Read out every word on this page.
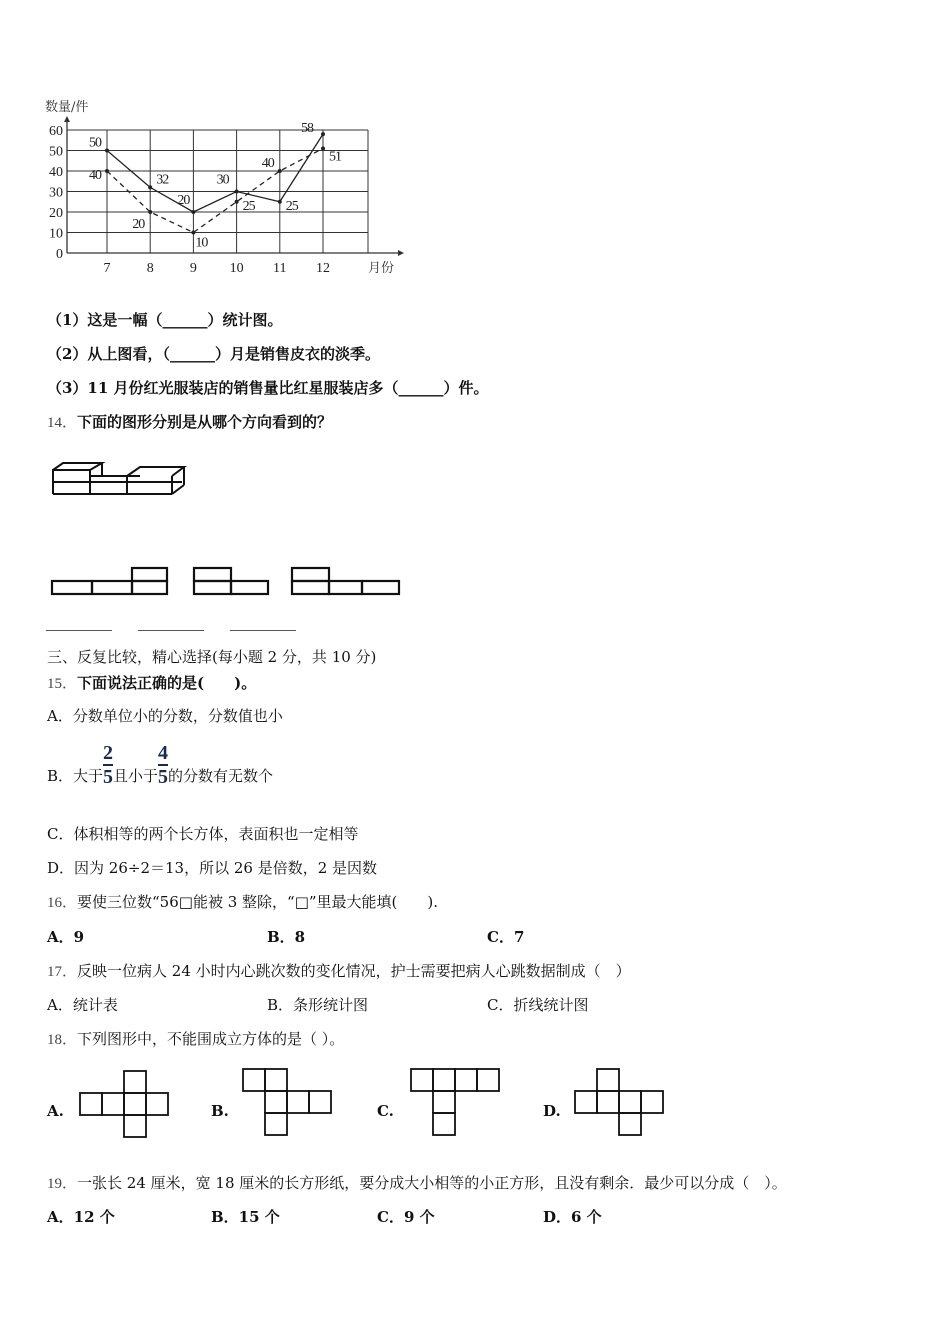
0
10
20
30
40
50
60
7	8	9 10 11 12
数量/件
月份
50
32
20
30
25
58
40
20
10
25
40	51
（1）这是一幅（______）统计图。
（2）从上图看，（______）月是销售皮衣的淡季。
（3）11 月份红光服装店的销售量比红星服装店多（______）件。
14．下面的图形分别是从哪个方向看到的？
三、反复比较，精心选择(每小题 2 分，共 10 分)
15．下面说法正确的是(　　)。
A．分数单位小的分数，分数值也小
B．大于 $\frac{2}{5}$ 且小于 $\frac{4}{5}$ 的分数有无数个
C．体积相等的两个长方体，表面积也一定相等
D．因为 26÷2＝13，所以 26 是倍数，2 是因数
16．要使三位数“56□能被 3 整除，“□”里最大能填(　　).
A．9	B．8	C．7
17．反映一位病人 24 小时内心跳次数的变化情况，护士需要把病人心跳数据制成（　）
A．统计表	B．条形统计图	C．折线统计图
18．下列图形中，不能围成立方体的是（ ）。
A.	B.	C.	D.
19．一张长 24 厘米，宽 18 厘米的长方形纸，要分成大小相等的小正方形，且没有剩余．最少可以分成（　）。
A．12 个	B．15 个	C．9 个	D．6 个
